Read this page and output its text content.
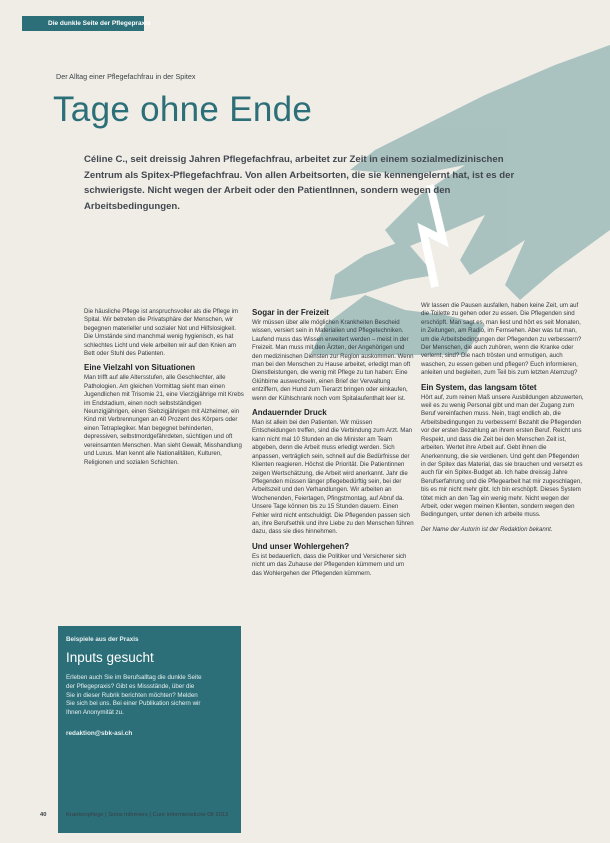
Die dunkle Seite der Pflegepraxis
Der Alltag einer Pflegefachfrau in der Spitex
Tage ohne Ende
Céline C., seit dreissig Jahren Pflegefachfrau, arbeitet zur Zeit in einem sozialmedizinischen Zentrum als Spitex-Pflegefachfrau. Von allen Arbeitsorten, die sie kennengelernt hat, ist es der schwierigste. Nicht wegen der Arbeit oder den PatientInnen, sondern wegen den Arbeitsbedingungen.

Die häusliche Pflege ist anspruchsvoller als die Pflege im Spital. Wir betreten die Privatsphäre der Menschen, wir begegnen materieller und sozialer Not und Hilfslosigkeit. Die Umstände sind manchmal wenig hygienisch, es hat schlechtes Licht und viele arbeiten wir auf den Knien am Bett oder Stuhl des Patienten.

Eine Vielzahl von Situationen

Man trifft auf alle Altersstufen, alle Geschlechter, alle Pathologien. Am gleichen Vormittag sieht man einen Jugendlichen mit Trisomie 21, eine Vierzigjährige mit Krebs im Endstadium, einen noch selbstständigen Neunzigjährigen, einen Siebzigjährigen mit Alzheimer, ein Kind mit Verbrennungen an 40 Prozent des Körpers oder einen Tetraplegiker. Man begegnet behinderten, depressiven, selbstmordgefährdeten, süchtigen und oft vereinsamten Menschen. Man sieht Gewalt, Misshandlung und Luxus. Man kennt alle Nationalitäten, Kulturen, Religionen und sozialen Schichten.

Beispiele aus der Praxis
Inputs gesucht
Erleben auch Sie im Berufsalltag die dunkle Seite der Pflegepraxis? Gibt es Missstände, über die Sie in dieser Rubrik berichten möchten? Melden Sie sich bei uns. Bei einer Publikation sichern wir Ihnen Anonymität zu.
redaktion@sbk-asi.ch
Sogar in der Freizeit

Wir müssen über alle möglichen Krankheiten Bescheid wissen, versiert sein in Materialien und Pflegetechniken. Laufend muss das Wissen erweitert werden – meist in der Freizeit. Man muss mit den Ärzten, der Angehörigen und den medizinischen Diensten zur Region auskommen. Wenn man bei den Menschen zu Hause arbeitet, erledigt man oft Dienstleistungen, die wenig mit Pflege zu tun haben: Eine Glühbirne auswechseln, einen Brief der Verwaltung entziffern, den Hund zum Tierarzt bringen oder einkaufen, wenn der Kühlschrank noch vom Spitalaufenthalt leer ist.

Andauernder Druck

Man ist allein bei den Patienten. Wir müssen Entscheidungen treffen, sind die Verbindung zum Arzt. Man kann nicht mal 10 Stunden an die Minister am Team abgeben, denn die Arbeit muss erledigt werden. Sich anpassen, verträglich sein, schnell auf die Bedürfnisse der Klienten reagieren. Höchst die Priorität. Die Patientinnen zeigen Wertschätzung, die Arbeit wird anerkannt. Jahr die Pflegenden müssen länger pflegebedürftig sein, bei der Arbeitszeit und den Verhandlungen. Wir arbeiten an Wochenenden, Feiertagen, Pfingstmontag, auf Abruf da. Unsere Tage können bis zu 15 Stunden dauern. Einen Fehler wird nicht entschuldigt. Die Pflegenden passen sich an, ihre Berufsethik und ihre Liebe zu den Menschen führen dazu, dass sie dies hinnehmen.

Und unser Wohlergehen?

Es ist bedauerlich, dass die Politiker und Versicherer sich nicht um das Zuhause der Pflegenden kümmern und um das Wohlergehen der Pflegenden kümmern.

Wir lassen die Pausen ausfallen, haben keine Zeit, um auf die Toilette zu gehen oder zu essen. Die Pflegenden sind erschöpft. Man sagt es, man liest und hört es seit Monaten, in Zeitungen, am Radio, im Fernsehen. Aber was tut man, um die Arbeitsbedingungen der Pflegenden zu verbessern? Der Menschen, die auch zuhören, wenn die Kranke oder verlernt, sind? Die nach trösten und ermutigen, auch waschen, zu essen geben und pflegen? Euch informieren, anleiten und begleiten, zum Teil bis zum letzten Atemzug?

Ein System, das langsam tötet

Hört auf, zum reinen Maß unsere Ausbildungen abzuwerten, weil es zu wenig Personal gibt und man der Zugang zum Beruf vereinfachen muss. Nein, tragt endlich ab, die Arbeitsbedingungen zu verbessern! Bezahlt die Pflegenden vor der ersten Bezahlung an ihrem ersten Beruf. Reicht uns Respekt, und dass die Zeit bei den Menschen Zeit ist, arbeiten. Wertet ihre Arbeit auf. Gebt ihnen die Anerkennung, die sie verdienen. Und geht den Pflegenden in der Spitex das Material, das sie brauchen und versetzt es auch für ein Spitex-Budget ab. Ich habe dreissig Jahre Berufserfahrung und die Pflegearbeit hat mir zugeschlagen, bis es mir nicht mehr gibt. Ich bin erschöpft. Dieses System tötet mich an den Tag ein wenig mehr. Nicht wegen der Arbeit, oder wegen meinen Klienten, sondern wegen den Bedingungen, unter denen ich arbeite muss.

Der Name der Autorin ist der Redaktion bekannt.

40	Krankenpflege | Soins infirmiers | Cure infermieristiche 08 2013
